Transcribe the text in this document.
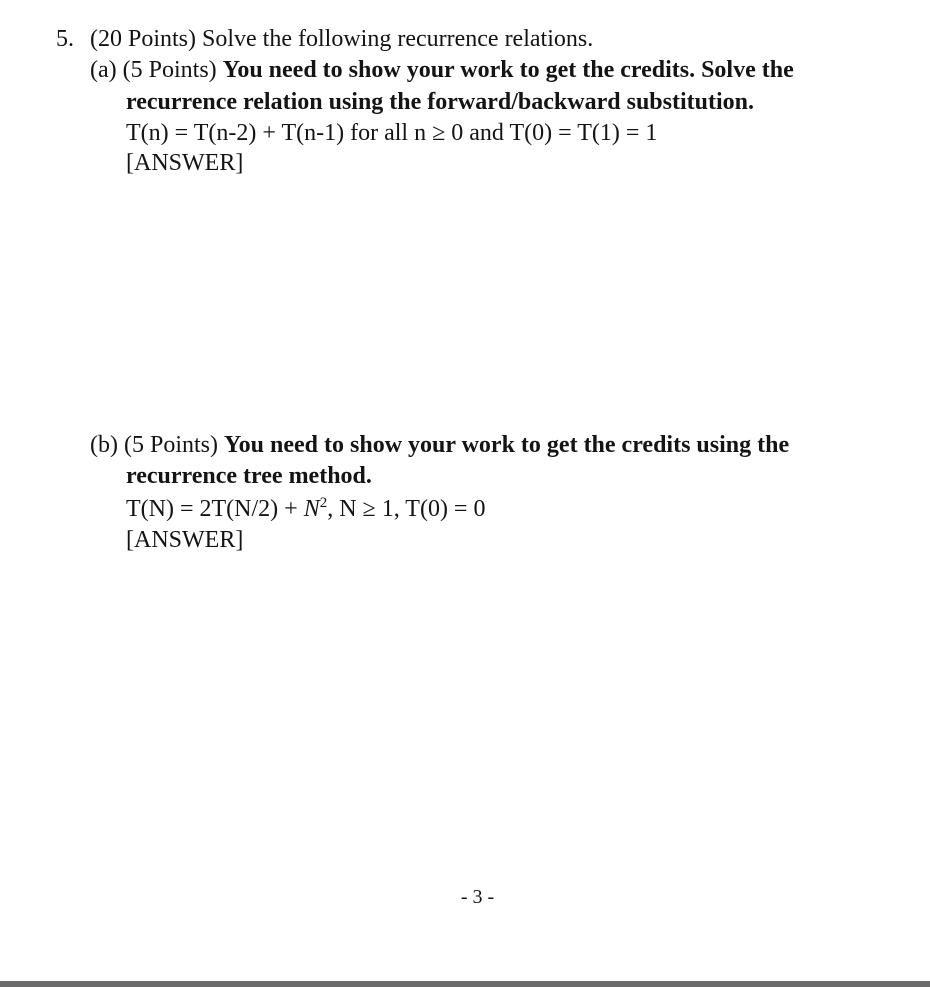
5. (20 Points) Solve the following recurrence relations.
(a) (5 Points) You need to show your work to get the credits. Solve the
recurrence relation using the forward/backward substitution.
T(n) = T(n-2) + T(n-1) for all n ≥ 0 and T(0) = T(1) = 1
[ANSWER]
(b) (5 Points) You need to show your work to get the credits using the
recurrence tree method.
$T(N) = 2T(N/2) + N^2$, N ≥ 1, T(0) = 0
[ANSWER]
- 3 -
